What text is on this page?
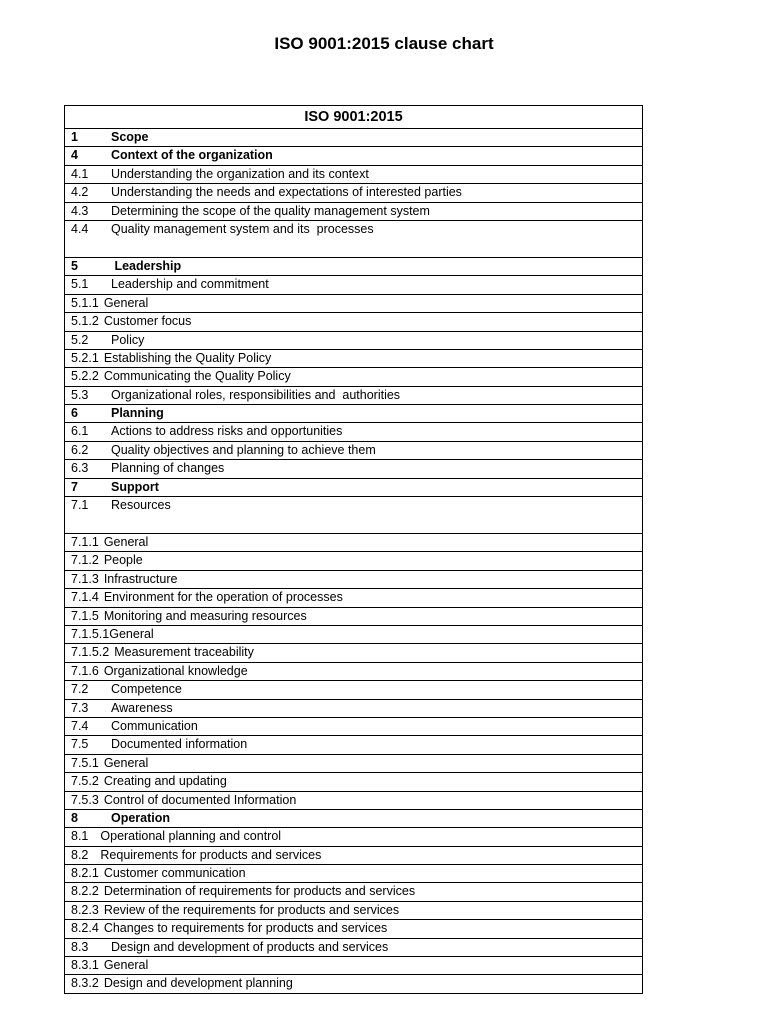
ISO 9001:2015 clause chart
ISO 9001:2015
1	Scope
4	Context of the organization
4.1	Understanding the organization and its context
4.2	Understanding the needs and expectations of interested parties
4.3	Determining the scope of the quality management system
4.4	Quality management system and its  processes
5	Leadership
5.1	Leadership and commitment
5.1.1 General
5.1.2 Customer focus
5.2	Policy
5.2.1 Establishing the Quality Policy
5.2.2 Communicating the Quality Policy
5.3	Organizational roles, responsibilities and  authorities
6	Planning
6.1	Actions to address risks and opportunities
6.2	Quality objectives and planning to achieve them
6.3	Planning of changes
7	Support
7.1	Resources
7.1.1 General
7.1.2 People
7.1.3 Infrastructure
7.1.4 Environment for the operation of processes
7.1.5 Monitoring and measuring resources
7.1.5.1 General
7.1.5.2 Measurement traceability
7.1.6 Organizational knowledge
7.2	Competence
7.3	Awareness
7.4	Communication
7.5	Documented information
7.5.1 General
7.5.2 Creating and updating
7.5.3 Control of documented Information
8	Operation
8.1 Operational planning and control
8.2 Requirements for products and services
8.2.1 Customer communication
8.2.2 Determination of requirements for products and services
8.2.3 Review of the requirements for products and services
8.2.4 Changes to requirements for products and services
8.3	Design and development of products and services
8.3.1 General
8.3.2 Design and development planning
